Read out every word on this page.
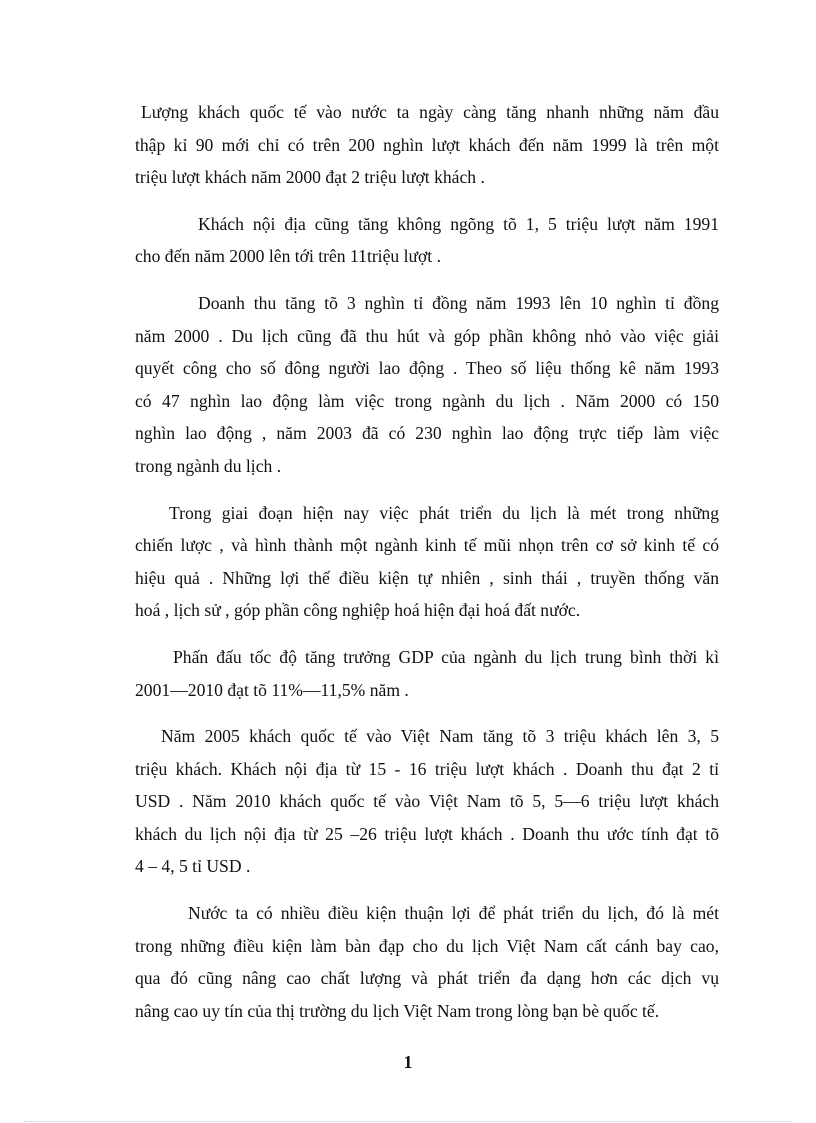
Lượng khách quốc tế vào nước ta ngày càng tăng nhanh những năm đầu
thập kỉ 90 mới chỉ có trên 200 nghìn lượt khách đến năm 1999 là trên một
triệu lượt khách năm 2000 đạt 2 triệu lượt khách .
Khách nội địa cũng tăng không ngõng tõ 1, 5 triệu lượt năm 1991
cho đến năm 2000 lên tới trên 11triệu lượt .
Doanh thu tăng tõ 3 nghìn tỉ đồng năm 1993 lên 10 nghìn tỉ đồng
năm 2000 . Du lịch cũng đã thu hút và góp phần không nhỏ vào việc giải
quyết công cho số đông người lao động . Theo số liệu thống kê năm 1993
có 47 nghìn lao động làm việc trong ngành du lịch . Năm 2000 có 150
nghìn lao động , năm 2003 đã có 230 nghìn lao động trực tiếp làm việc
trong ngành du lịch .
Trong giai đoạn hiện nay việc phát triển du lịch là mét trong những
chiến lược , và hình thành một ngành kinh tế mũi nhọn trên cơ sở kinh tế có
hiệu quả . Những lợi thế điều kiện tự nhiên , sinh thái , truyền thống văn
hoá , lịch sử , góp phần công nghiệp hoá hiện đại hoá đất nước.
Phấn đấu tốc độ tăng trưởng GDP của ngành du lịch trung bình thời kì
2001—2010 đạt tõ 11%—11,5% năm .
Năm 2005 khách quốc tế vào Việt Nam tăng tõ 3 triệu khách lên 3, 5
triệu khách. Khách nội địa từ 15 - 16 triệu lượt khách . Doanh thu đạt 2 tỉ
USD . Năm 2010 khách quốc tế vào Việt Nam tõ 5, 5—6 triệu lượt khách
khách du lịch nội địa từ 25 –26 triệu lượt khách . Doanh thu ước tính đạt tõ
4 – 4, 5 tỉ USD .
Nước ta có nhiều điều kiện thuận lợi để phát triển du lịch, đó là mét
trong những điều kiện làm bàn đạp cho du lịch Việt Nam cất cánh bay cao,
qua đó cũng nâng cao chất lượng và phát triển đa dạng hơn các dịch vụ
nâng cao uy tín của thị trường du lịch Việt Nam trong lòng bạn bè quốc tế.
1
